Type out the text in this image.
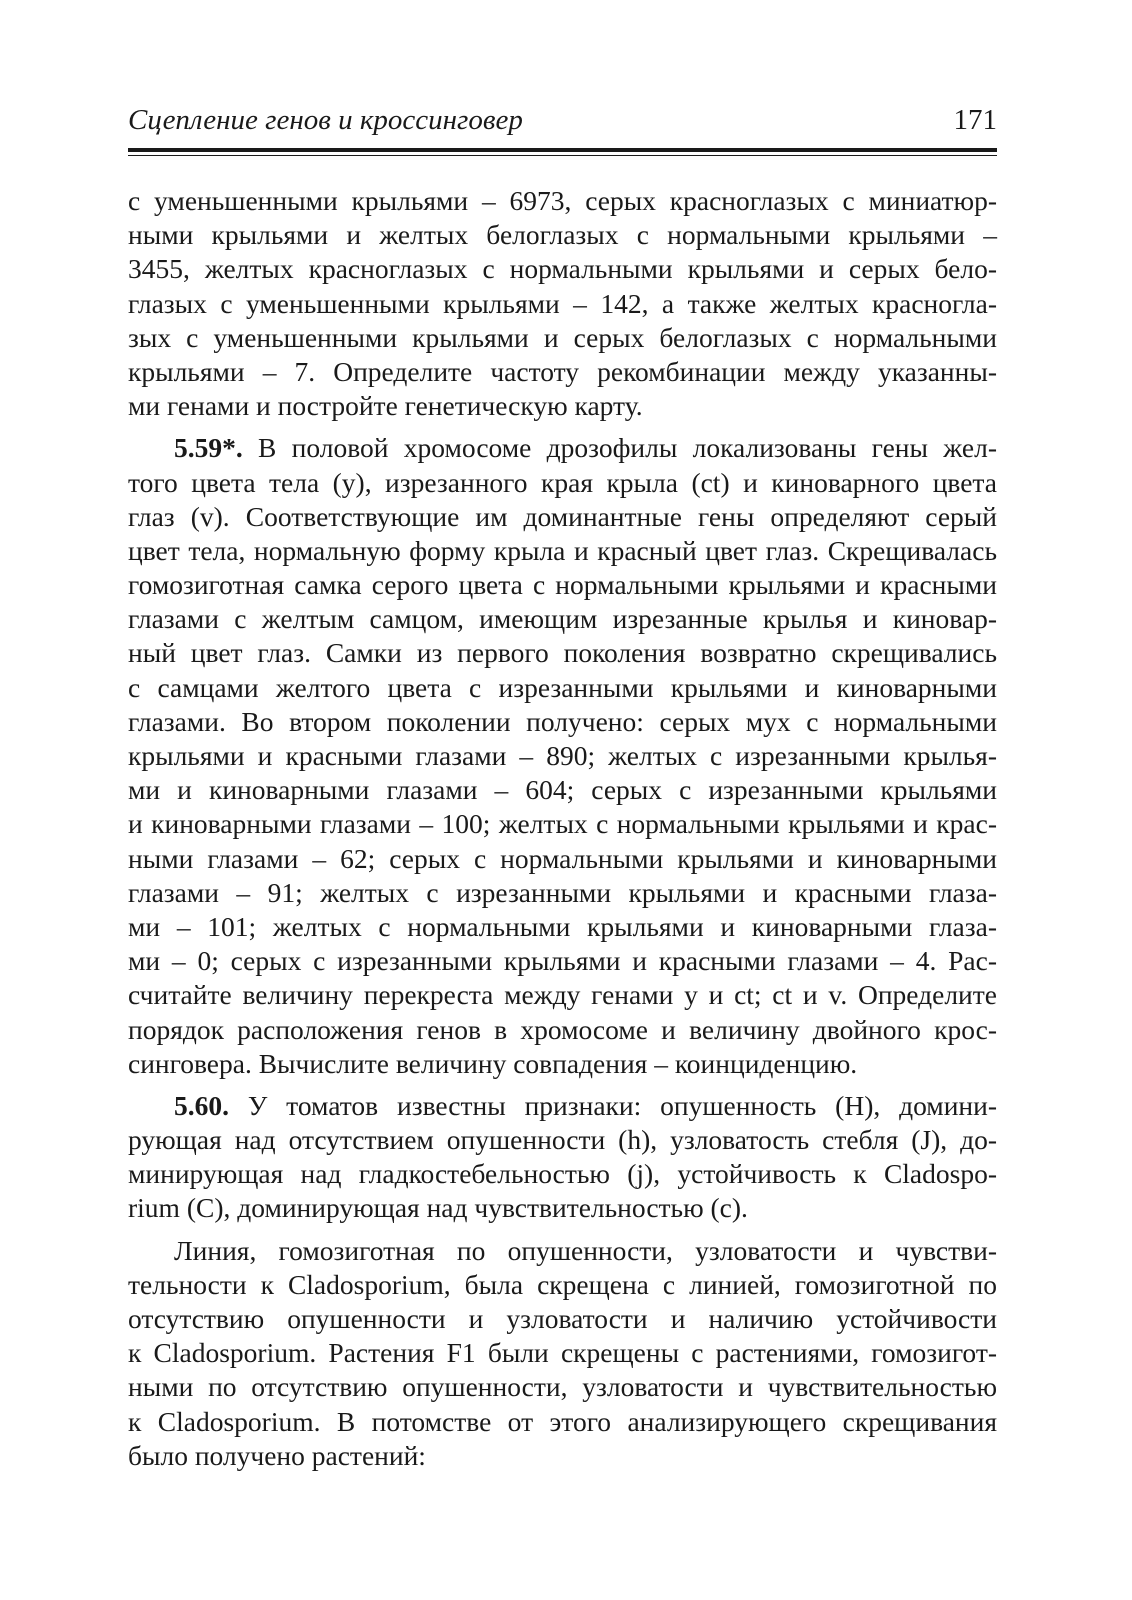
Сцепление генов и кроссинговер	171
с уменьшенными крыльями – 6973, серых красноглазых с миниатюр-
ными крыльями и желтых белоглазых с нормальными крыльями –
3455, желтых красноглазых с нормальными крыльями и серых бело-
глазых с уменьшенными крыльями – 142, а также желтых красногла-
зых с уменьшенными крыльями и серых белоглазых с нормальными
крыльями – 7. Определите частоту рекомбинации между указанны-
ми генами и постройте генетическую карту.
5.59*. В половой хромосоме дрозофилы локализованы гены жел-
того цвета тела (y), изрезанного края крыла (ct) и киноварного цвета
глаз (v). Соответствующие им доминантные гены определяют серый
цвет тела, нормальную форму крыла и красный цвет глаз. Скрещивалась
гомозиготная самка серого цвета с нормальными крыльями и красными
глазами с желтым самцом, имеющим изрезанные крылья и киновар-
ный цвет глаз. Самки из первого поколения возвратно скрещивались
с самцами желтого цвета с изрезанными крыльями и киноварными
глазами. Во втором поколении получено: серых мух с нормальными
крыльями и красными глазами – 890; желтых с изрезанными крылья-
ми и киноварными глазами – 604; серых с изрезанными крыльями
и киноварными глазами – 100; желтых с нормальными крыльями и крас-
ными глазами – 62; серых с нормальными крыльями и киноварными
глазами – 91; желтых с изрезанными крыльями и красными глаза-
ми – 101; желтых с нормальными крыльями и киноварными глаза-
ми – 0; серых с изрезанными крыльями и красными глазами – 4. Рас-
считайте величину перекреста между генами y и ct; ct и v. Определите
порядок расположения генов в хромосоме и величину двойного крос-
синговера. Вычислите величину совпадения – коинциденцию.
5.60. У томатов известны признаки: опушенность (H), домини-
рующая над отсутствием опушенности (h), узловатость стебля (J), до-
минирующая над гладкостебельностью (j), устойчивость к Cladospo-
rium (C), доминирующая над чувствительностью (c).
Линия, гомозиготная по опушенности, узловатости и чувстви-
тельности к Cladosporium, была скрещена с линией, гомозиготной по
отсутствию опушенности и узловатости и наличию устойчивости
к Cladosporium. Растения F1 были скрещены с растениями, гомозигот-
ными по отсутствию опушенности, узловатости и чувствительностью
к Cladosporium. В потомстве от этого анализирующего скрещивания
было получено растений:
